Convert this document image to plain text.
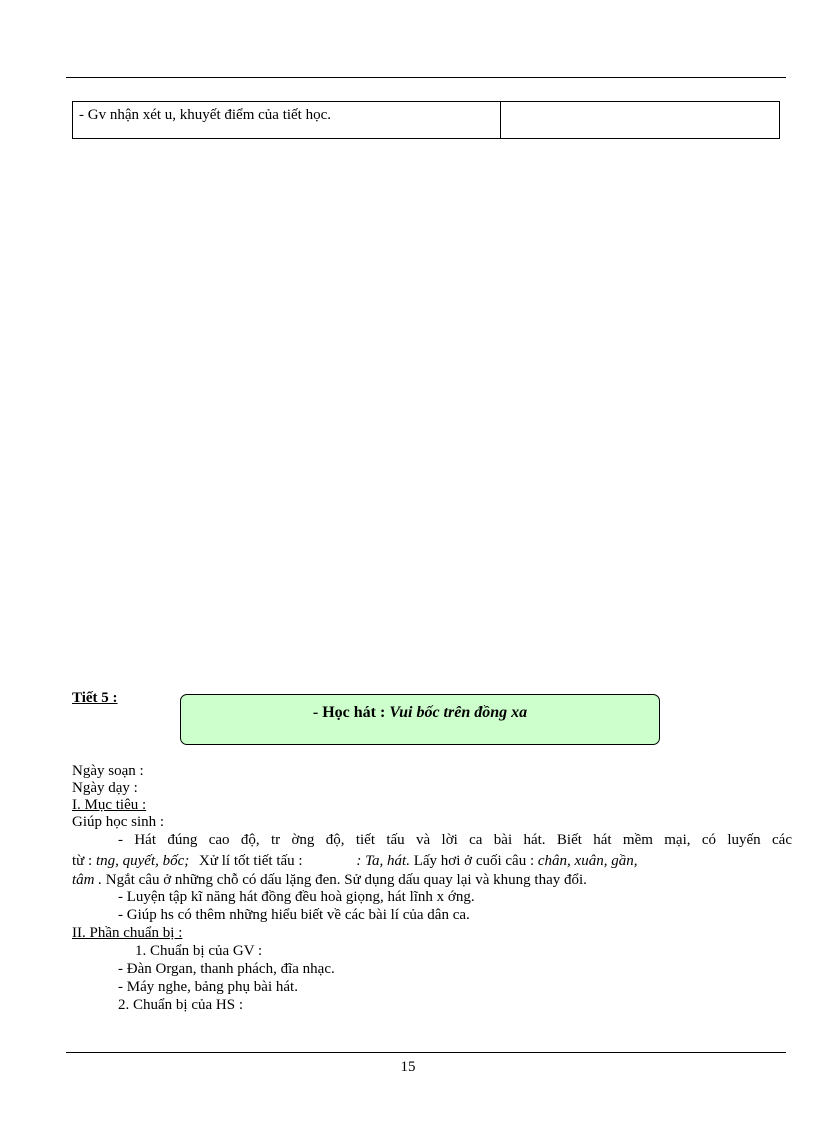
- Gv nhận xét u, khuyết điểm của tiết học.	
Tiết 5 :
- Học hát : Vui bốc trên đồng xa
Ngày soạn :
Ngày dạy :
I. Mục tiêu :
Giúp học sinh :
- Hát đúng cao độ, tr ờng độ, tiết tấu và lời ca bài hát. Biết hát mềm mại, có luyến các
từ : tng, quyết, bốc; Xử lí tốt tiết tấu :	: Ta, hát. Lấy hơi ở cuối câu : chân, xuân, gần,
tâm . Ngắt câu ở những chỗ có dấu lặng đen. Sử dụng dấu quay lại và khung thay đổi.
- Luyện tập kĩ năng hát đồng đều hoà giọng, hát lĩnh x ớng.
- Giúp hs có thêm những hiểu biết về các bài lí của dân ca.
II. Phần chuẩn bị :
1. Chuẩn bị của GV :
- Đàn Organ, thanh phách, đĩa nhạc.
- Máy nghe, bảng phụ bài hát.
2. Chuẩn bị của HS :
15
